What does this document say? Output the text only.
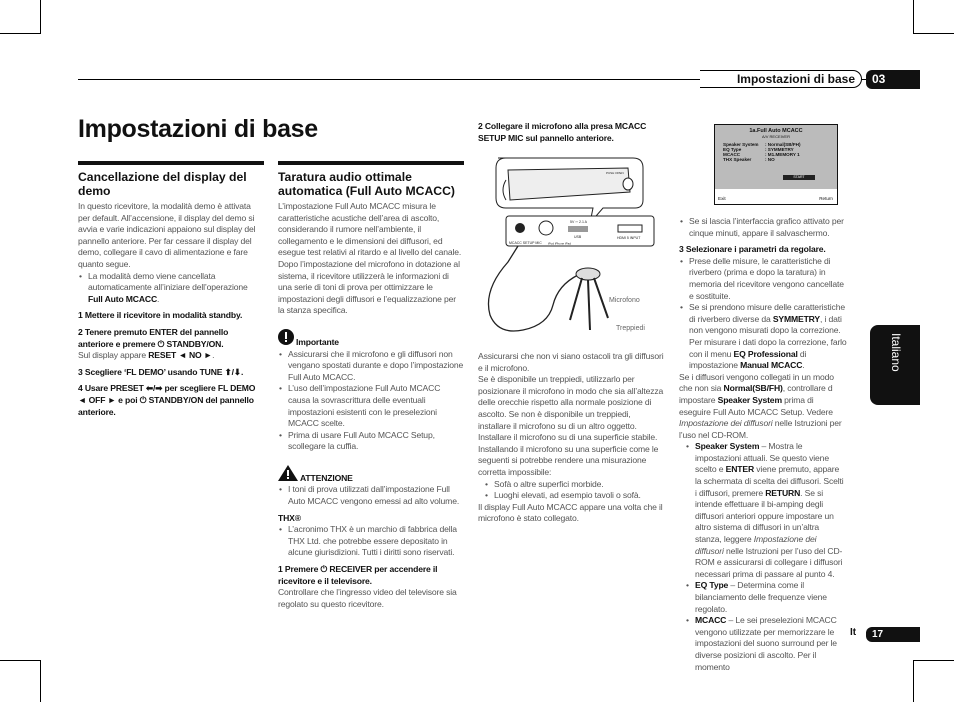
Impostazioni di base	03
Impostazioni di base
Italiano
Cancellazione del display del demo
In questo ricevitore, la modalità demo è attivata per default. All’accensione, il display del demo si avvia e varie indicazioni appaiono sul display del pannello anteriore. Per far cessare il display del demo, collegare il cavo di alimentazione e fare quanto segue.
• La modalità demo viene cancellata automaticamente all’iniziare dell’operazione Full Auto MCACC.
1 Mettere il ricevitore in modalità standby.
2 Tenere premuto ENTER del pannello anteriore e premere ⏻ STANDBY/ON.
Sul display appare RESET ◄ NO ►.
3 Scegliere ‘FL DEMO’ usando TUNE ⬆/⬇.
4 Usare PRESET ⬅/➡ per scegliere FL DEMO ◄ OFF ► e poi ⏻ STANDBY/ON del pannello anteriore.
Taratura audio ottimale automatica (Full Auto MCACC)
L’impostazione Full Auto MCACC misura le caratteristiche acustiche dell’area di ascolto, considerando il rumore nell’ambiente, il collegamento e le dimensioni dei diffusori, ed esegue test relativi al ritardo e al livello del canale. Dopo l’impostazione del microfono in dotazione al sistema, il ricevitore utilizzerà le informazioni di una serie di toni di prova per ottimizzare le impostazioni degli diffusori e l’equalizzazione per la stanza specifica.
Importante
• Assicurarsi che il microfono e gli diffusori non vengano spostati durante e dopo l’impostazione Full Auto MCACC.
• L’uso dell’impostazione Full Auto MCACC causa la sovrascrittura delle eventuali impostazioni esistenti con le preselezioni MCACC scelte.
• Prima di usare Full Auto MCACC Setup, scollegare la cuffia.
ATTENZIONE
• I toni di prova utilizzati dall’impostazione Full Auto MCACC vengono emessi ad alto volume.
THX®
• L’acronimo THX è un marchio di fabbrica della THX Ltd. che potrebbe essere depositato in alcune giurisdizioni. Tutti i diritti sono riservati.
1 Premere ⏻ RECEIVER per accendere il ricevitore e il televisore.
Controllare che l’ingresso video del televisore sia regolato su questo ricevitore.
2 Collegare il microfono alla presa MCACC SETUP MIC sul pannello anteriore.
MCACC SETUP MIC
USB	HDMI 5 INPUT
5V ⎓ 2.1 A
iPod iPhone iPad
PUSH OPEN
Microfono
Treppiedi
Assicurarsi che non vi siano ostacoli tra gli diffusori e il microfono.
Se è disponibile un treppiedi, utilizzarlo per posizionare il microfono in modo che sia all’altezza delle orecchie rispetto alla normale posizione di ascolto. Se non è disponibile un treppiedi, installare il microfono su di un altro oggetto.
Installare il microfono su di una superficie stabile. Installando il microfono su una superficie come le seguenti si potrebbe rendere una misurazione corretta impossibile:
• Sofà o altre superfici morbide.
• Luoghi elevati, ad esempio tavoli o sofà.
Il display Full Auto MCACC appare una volta che il microfono è stato collegato.
1a.Full Auto MCACC
A/V RECEIVER
Speaker System	: Normal(SB/FH)
EQ Type	: SYMMETRY
MCACC	: M1.MEMORY 1
THX Speaker	: NO
START
Exit	Return
• Se si lascia l’interfaccia grafico attivato per cinque minuti, appare il salvaschermo.
3 Selezionare i parametri da regolare.
• Prese delle misure, le caratteristiche di riverbero (prima e dopo la taratura) in memoria del ricevitore vengono cancellate e sostituite.
• Se si prendono misure delle caratteristiche di riverbero diverse da SYMMETRY, i dati non vengono misurati dopo la correzione. Per misurare i dati dopo la correzione, farlo con il menu EQ Professional di impostazione Manual MCACC.
Se i diffusori vengono collegati in un modo che non sia Normal(SB/FH), controllare d impostare Speaker System prima di eseguire Full Auto MCACC Setup. Vedere Impostazione dei diffusori nelle Istruzioni per l’uso nel CD-ROM.
• Speaker System – Mostra le impostazioni attuali. Se questo viene scelto e ENTER viene premuto, appare la schermata di scelta dei diffusori. Scelti i diffusori, premere RETURN. Se si intende effettuare il bi-amping degli diffusori anteriori oppure impostare un altro sistema di diffusori in un’altra stanza, leggere Impostazione dei diffusori nelle Istruzioni per l’uso del CD-ROM e assicurarsi di collegare i diffusori necessari prima di passare al punto 4.
• EQ Type – Determina come il bilanciamento delle frequenze viene regolato.
• MCACC – Le sei preselezioni MCACC vengono utilizzate per memorizzare le impostazioni del suono surround per le diverse posizioni di ascolto. Per il momento
It	17
